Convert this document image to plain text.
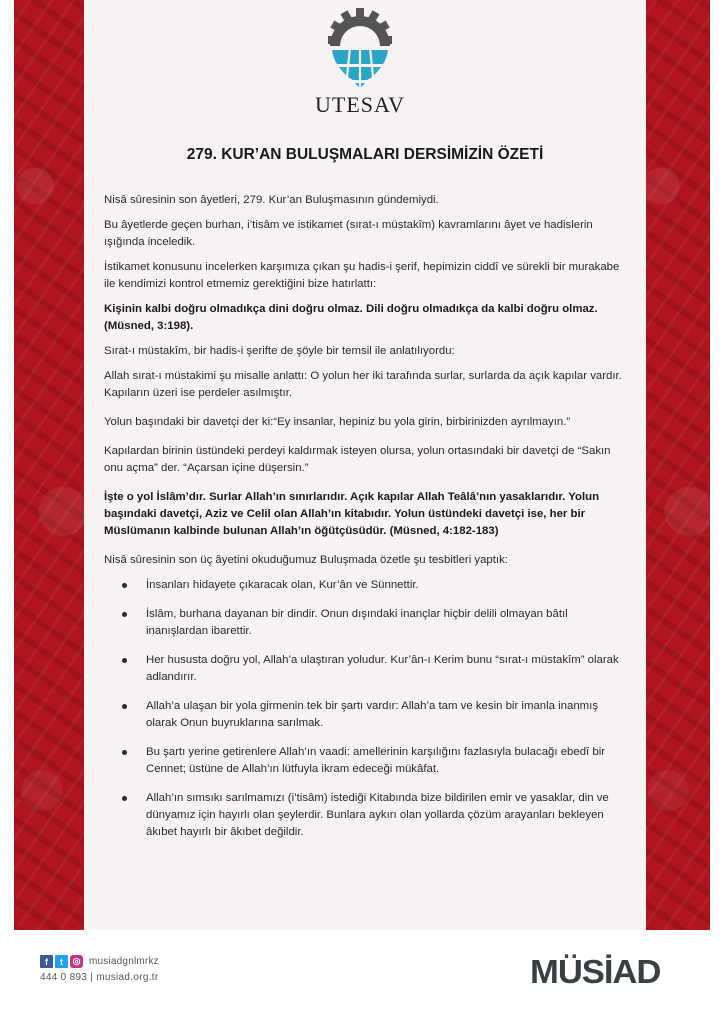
UTESAV
279. KUR’AN BULUŞMALARI DERSİMİZİN ÖZETİ

Nisâ sûresinin son âyetleri, 279. Kur’an Buluşmasının gündemiydi.

Bu âyetlerde geçen burhan, i’tisâm ve istikamet (sırat-ı müstakîm) kavramlarını âyet ve hadislerin ışığında inceledik.

İstikamet konusunu incelerken karşımıza çıkan şu hadis-i şerif, hepimizin ciddî ve sürekli bir murakabe ile kendimizi kontrol etmemiz gerektiğini bize hatırlattı:

Kişinin kalbi doğru olmadıkça dini doğru olmaz. Dili doğru olmadıkça da kalbi doğru olmaz. (Müsned, 3:198).

Sırat-ı müstakîm, bir hadis-i şerifte de şöyle bir temsil ile anlatılıyordu:

Allah sırat-ı müstakimi şu misalle anlattı: O yolun her iki tarafında surlar, surlarda da açık kapılar vardır. Kapıların üzeri ise perdeler asılmıştır.

Yolun başındaki bir davetçi der ki:“Ey insanlar, hepiniz bu yola girin, birbirinizden ayrılmayın.”

Kapılardan birinin üstündeki perdeyi kaldırmak isteyen olursa, yolun ortasındaki bir davetçi de “Sakın onu açma” der. “Açarsan içine düşersin.”

İşte o yol İslâm’dır. Surlar Allah’ın sınırlarıdır. Açık kapılar Allah Teâlâ’nın yasaklarıdır. Yolun başındaki davetçi, Aziz ve Celil olan Allah’ın kitabıdır. Yolun üstündeki davetçi ise, her bir Müslümanın kalbinde bulunan Allah’ın öğütçüsüdür. (Müsned, 4:182-183)

Nisâ sûresinin son üç âyetini okuduğumuz Buluşmada özetle şu tesbitleri yaptık:

İnsanları hidayete çıkaracak olan, Kur’ân ve Sünnettir.
İslâm, burhana dayanan bir dindir. Onun dışındaki inançlar hiçbir delili olmayan bâtıl inanışlardan ibarettir.
Her hususta doğru yol, Allah’a ulaştıran yoludur. Kur’ân-ı Kerim bunu “sırat-ı müstakîm” olarak adlandırır.
Allah’a ulaşan bir yola girmenin tek bir şartı vardır: Allah’a tam ve kesin bir imanla inanmış olarak Onun buyruklarına sarılmak.
Bu şartı yerine getirenlere Allah’ın vaadi: amellerinin karşılığını fazlasıyla bulacağı ebedî bir Cennet; üstüne de Allah’ın lütfuyla ikram edeceği mükâfat.
Allah’ın sımsıkı sarılmamızı (i’tisâm) istediği Kitabında bize bildirilen emir ve yasaklar, din ve dünyamız için hayırlı olan şeylerdir. Bunlara aykırı olan yollarda çözüm arayanları bekleyen âkıbet hayırlı bir âkıbet değildir.
f	t	◎ musiadgnlmrkz
444 0 893 | musiad.org.tr	MÜSİAD
